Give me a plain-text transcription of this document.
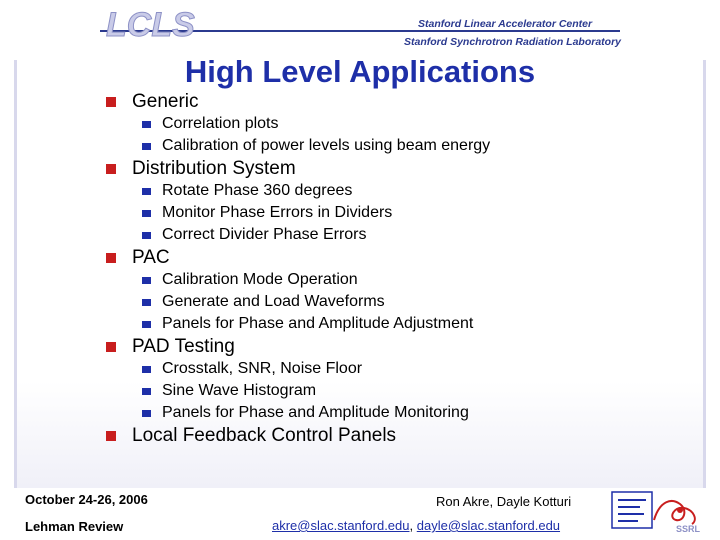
LCLS	Stanford Linear Accelerator Center
Stanford Synchrotron Radiation Laboratory
High Level Applications
Generic
Correlation plots
Calibration of power levels using beam energy
Distribution System
Rotate Phase 360 degrees
Monitor Phase Errors in Dividers
Correct Divider Phase Errors
PAC
Calibration Mode Operation
Generate and Load Waveforms
Panels for Phase and Amplitude Adjustment
PAD Testing
Crosstalk, SNR, Noise Floor
Sine Wave Histogram
Panels for Phase and Amplitude Monitoring
Local Feedback Control Panels
October 24-26, 2006
Lehman Review
Ron Akre, Dayle Kotturi
akre@slac.stanford.edu, dayle@slac.stanford.edu	SSRL
